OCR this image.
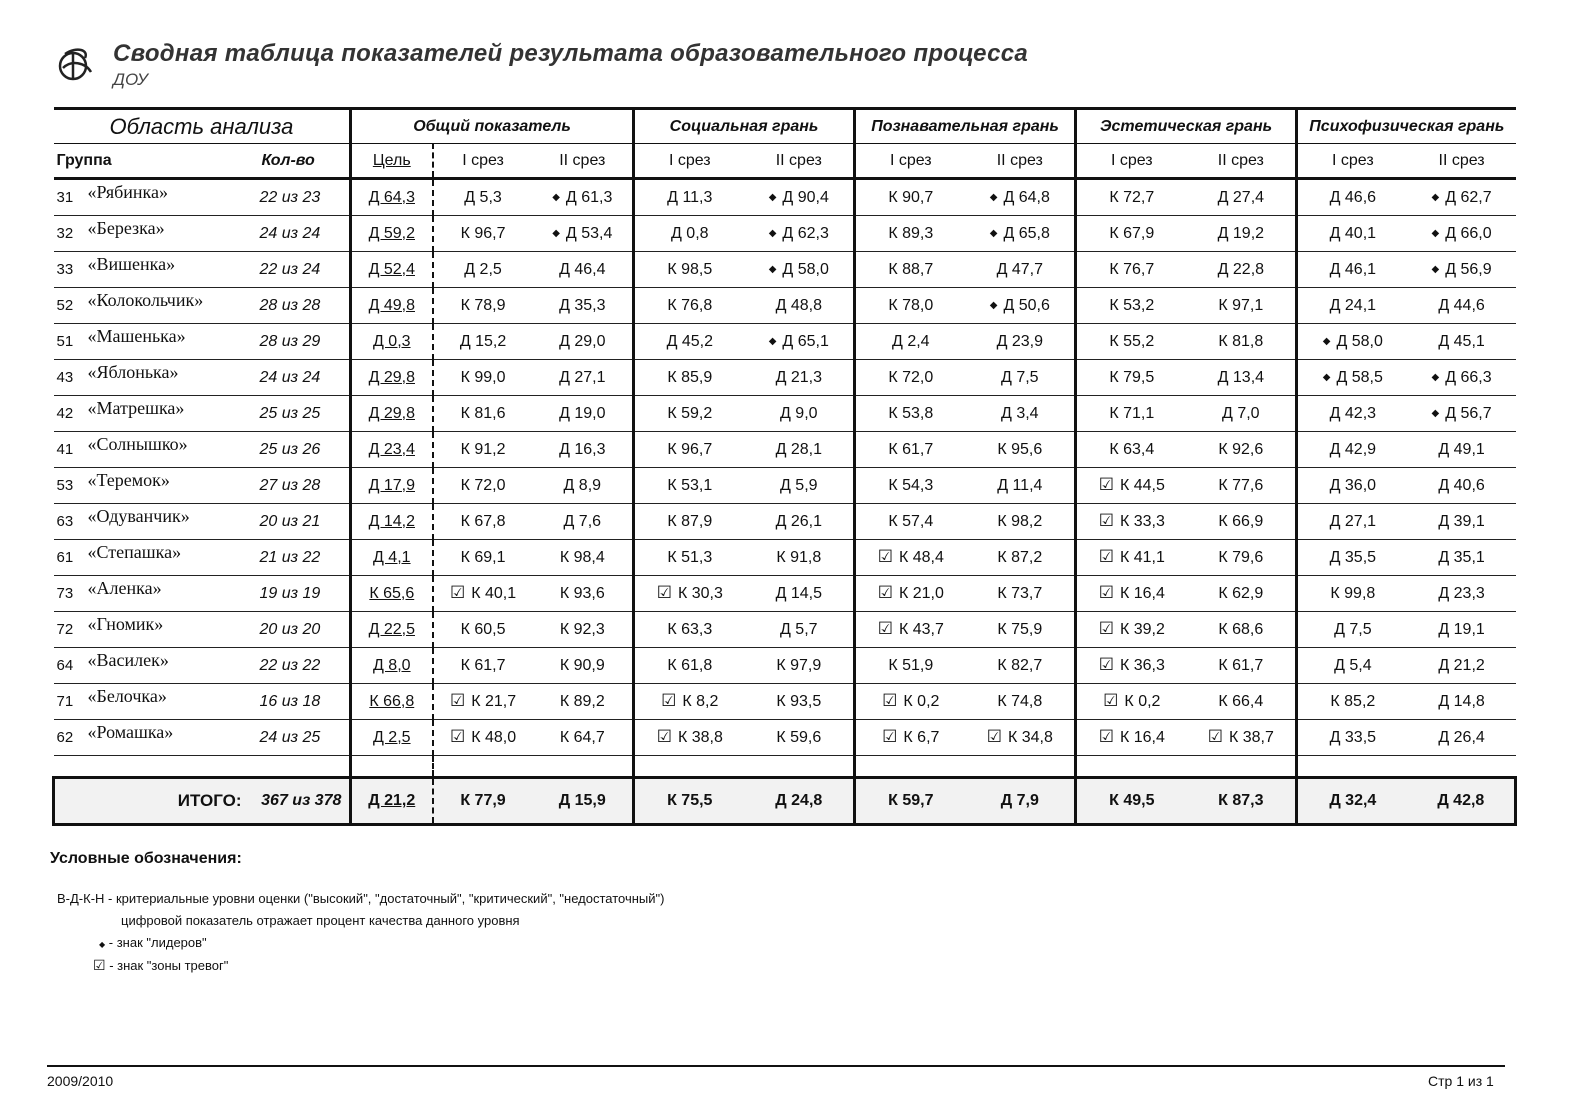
Сводная таблица показателей результата образовательного процесса
ДОУ
Область анализа			Общий показатель			Социальная грань		Познавательная грань		Эстетическая грань		Психофизическая грань	
Группа		Кол-во	Цель	I срез	II срез	I срез	II срез	I срез	II срез	I срез	II срез	I срез	II срез
31	«Рябинка»	22 из 23	Д 64,3	Д 5,3	◆ Д 61,3	Д 11,3	◆ Д 90,4	К 90,7	◆ Д 64,8	К 72,7	Д 27,4	Д 46,6	◆ Д 62,7
32	«Березка»	24 из 24	Д 59,2	К 96,7	◆ Д 53,4	Д 0,8	◆ Д 62,3	К 89,3	◆ Д 65,8	К 67,9	Д 19,2	Д 40,1	◆ Д 66,0
33	«Вишенка»	22 из 24	Д 52,4	Д 2,5	Д 46,4	К 98,5	◆ Д 58,0	К 88,7	Д 47,7	К 76,7	Д 22,8	Д 46,1	◆ Д 56,9
52	«Колокольчик»	28 из 28	Д 49,8	К 78,9	Д 35,3	К 76,8	Д 48,8	К 78,0	◆ Д 50,6	К 53,2	К 97,1	Д 24,1	Д 44,6
51	«Машенька»	28 из 29	Д 0,3	Д 15,2	Д 29,0	Д 45,2	◆ Д 65,1	Д 2,4	Д 23,9	К 55,2	К 81,8	◆ Д 58,0	Д 45,1
43	«Яблонька»	24 из 24	Д 29,8	К 99,0	Д 27,1	К 85,9	Д 21,3	К 72,0	Д 7,5	К 79,5	Д 13,4	◆ Д 58,5	◆ Д 66,3
42	«Матрешка»	25 из 25	Д 29,8	К 81,6	Д 19,0	К 59,2	Д 9,0	К 53,8	Д 3,4	К 71,1	Д 7,0	Д 42,3	◆ Д 56,7
41	«Солнышко»	25 из 26	Д 23,4	К 91,2	Д 16,3	К 96,7	Д 28,1	К 61,7	К 95,6	К 63,4	К 92,6	Д 42,9	Д 49,1
53	«Теремок»	27 из 28	Д 17,9	К 72,0	Д 8,9	К 53,1	Д 5,9	К 54,3	Д 11,4	☑ К 44,5	К 77,6	Д 36,0	Д 40,6
63	«Одуванчик»	20 из 21	Д 14,2	К 67,8	Д 7,6	К 87,9	Д 26,1	К 57,4	К 98,2	☑ К 33,3	К 66,9	Д 27,1	Д 39,1
61	«Степашка»	21 из 22	Д 4,1	К 69,1	К 98,4	К 51,3	К 91,8	☑ К 48,4	К 87,2	☑ К 41,1	К 79,6	Д 35,5	Д 35,1
73	«Аленка»	19 из 19	К 65,6	☑ К 40,1	К 93,6	☑ К 30,3	Д 14,5	☑ К 21,0	К 73,7	☑ К 16,4	К 62,9	К 99,8	Д 23,3
72	«Гномик»	20 из 20	Д 22,5	К 60,5	К 92,3	К 63,3	Д 5,7	☑ К 43,7	К 75,9	☑ К 39,2	К 68,6	Д 7,5	Д 19,1
64	«Василек»	22 из 22	Д 8,0	К 61,7	К 90,9	К 61,8	К 97,9	К 51,9	К 82,7	☑ К 36,3	К 61,7	Д 5,4	Д 21,2
71	«Белочка»	16 из 18	К 66,8	☑ К 21,7	К 89,2	☑ К 8,2	К 93,5	☑ К 0,2	К 74,8	☑ К 0,2	К 66,4	К 85,2	Д 14,8
62	«Ромашка»	24 из 25	Д 2,5	☑ К 48,0	К 64,7	☑ К 38,8	К 59,6	☑ К 6,7	☑ К 34,8	☑ К 16,4	☑ К 38,7	Д 33,5	Д 26,4

ИТОГО:		367 из 378	Д 21,2	К 77,9	Д 15,9	К 75,5	Д 24,8	К 59,7	Д 7,9	К 49,5	К 87,3	Д 32,4	Д 42,8
Условные обозначения:
В-Д-К-Н - критериальные уровни оценки ("высокий", "достаточный", "критический", "недостаточный")
цифровой показатель отражает процент качества данного уровня
◆ - знак "лидеров"
☑ - знак "зоны тревог"
2009/2010	Стр 1 из 1
